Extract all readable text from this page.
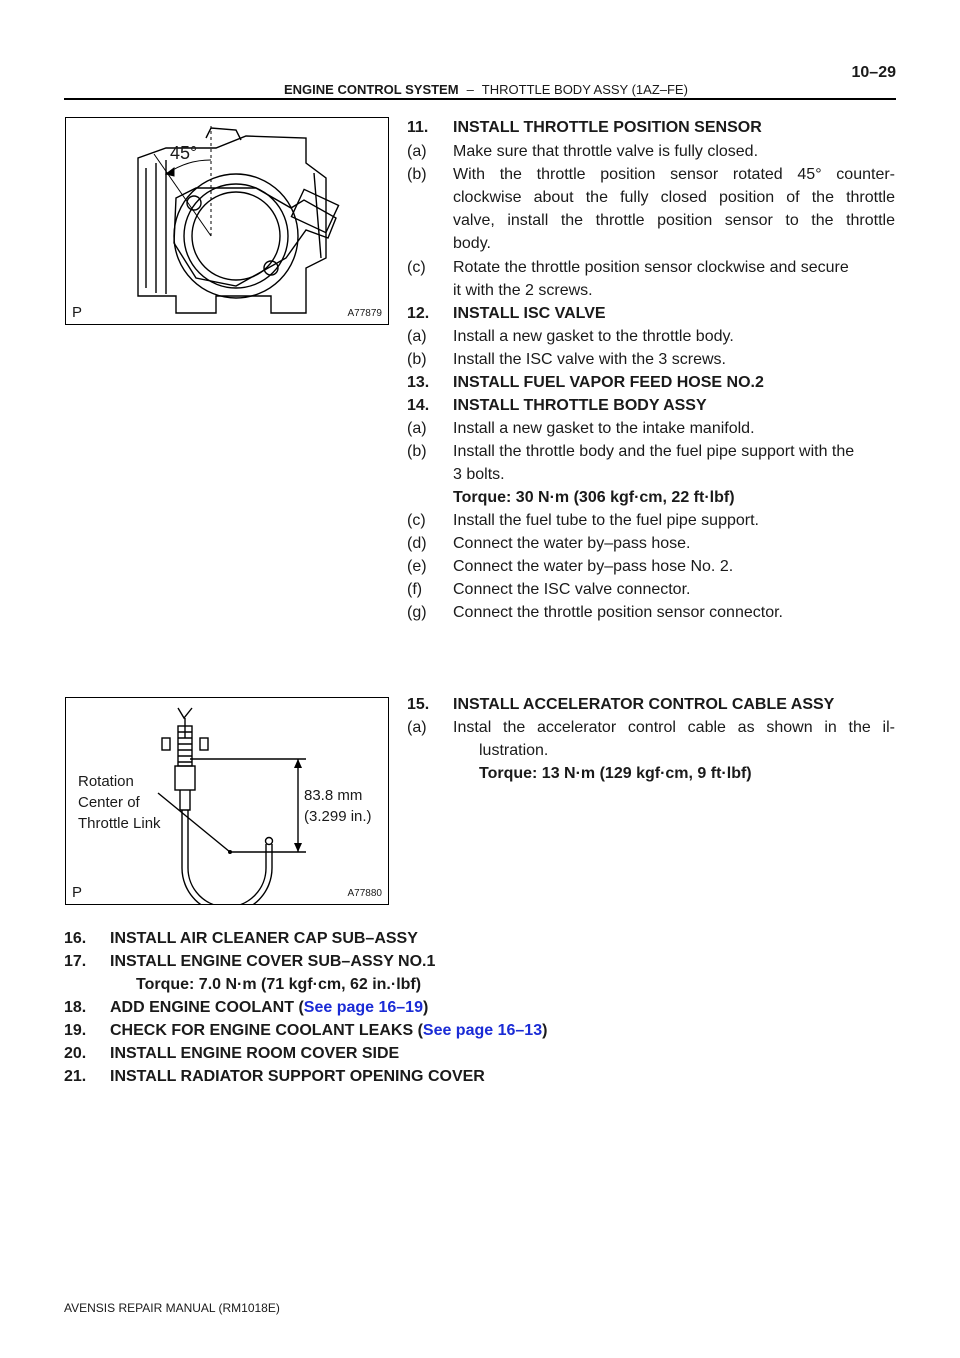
10–29
ENGINE CONTROL SYSTEM – THROTTLE BODY ASSY (1AZ–FE)
45°
P	A77879
Rotation
Center of
Throttle Link
83.8 mm
(3.299 in.)
P	A77880
11. INSTALL THROTTLE POSITION SENSOR
(a) Make sure that throttle valve is fully closed.
(b) With the throttle position sensor rotated 45° counter-
clockwise about the fully closed position of the throttle
valve, install the throttle position sensor to the throttle
body.
(c) Rotate the throttle position sensor clockwise and secure
it with the 2 screws.
12. INSTALL ISC VALVE
(a) Install a new gasket to the throttle body.
(b) Install the ISC valve with the 3 screws.
13. INSTALL FUEL VAPOR FEED HOSE NO.2
14. INSTALL THROTTLE BODY ASSY
(a) Install a new gasket to the intake manifold.
(b) Install the throttle body and the fuel pipe support with the
3 bolts.
Torque: 30 N·m (306 kgf·cm, 22 ft·lbf)
(c) Install the fuel tube to the fuel pipe support.
(d) Connect the water by–pass hose.
(e) Connect the water by–pass hose No. 2.
(f) Connect the ISC valve connector.
(g) Connect the throttle position sensor connector.
15. INSTALL ACCELERATOR CONTROL CABLE ASSY
(a) Instal the accelerator control cable as shown in the il-
lustration.
Torque: 13 N·m (129 kgf·cm, 9 ft·lbf)
16. INSTALL AIR CLEANER CAP SUB–ASSY
17. INSTALL ENGINE COVER SUB–ASSY NO.1
Torque: 7.0 N·m (71 kgf·cm, 62 in.·lbf)
18. ADD ENGINE COOLANT (See page 16–19)
19. CHECK FOR ENGINE COOLANT LEAKS (See page 16–13)
20. INSTALL ENGINE ROOM COVER SIDE
21. INSTALL RADIATOR SUPPORT OPENING COVER
AVENSIS REPAIR MANUAL (RM1018E)
